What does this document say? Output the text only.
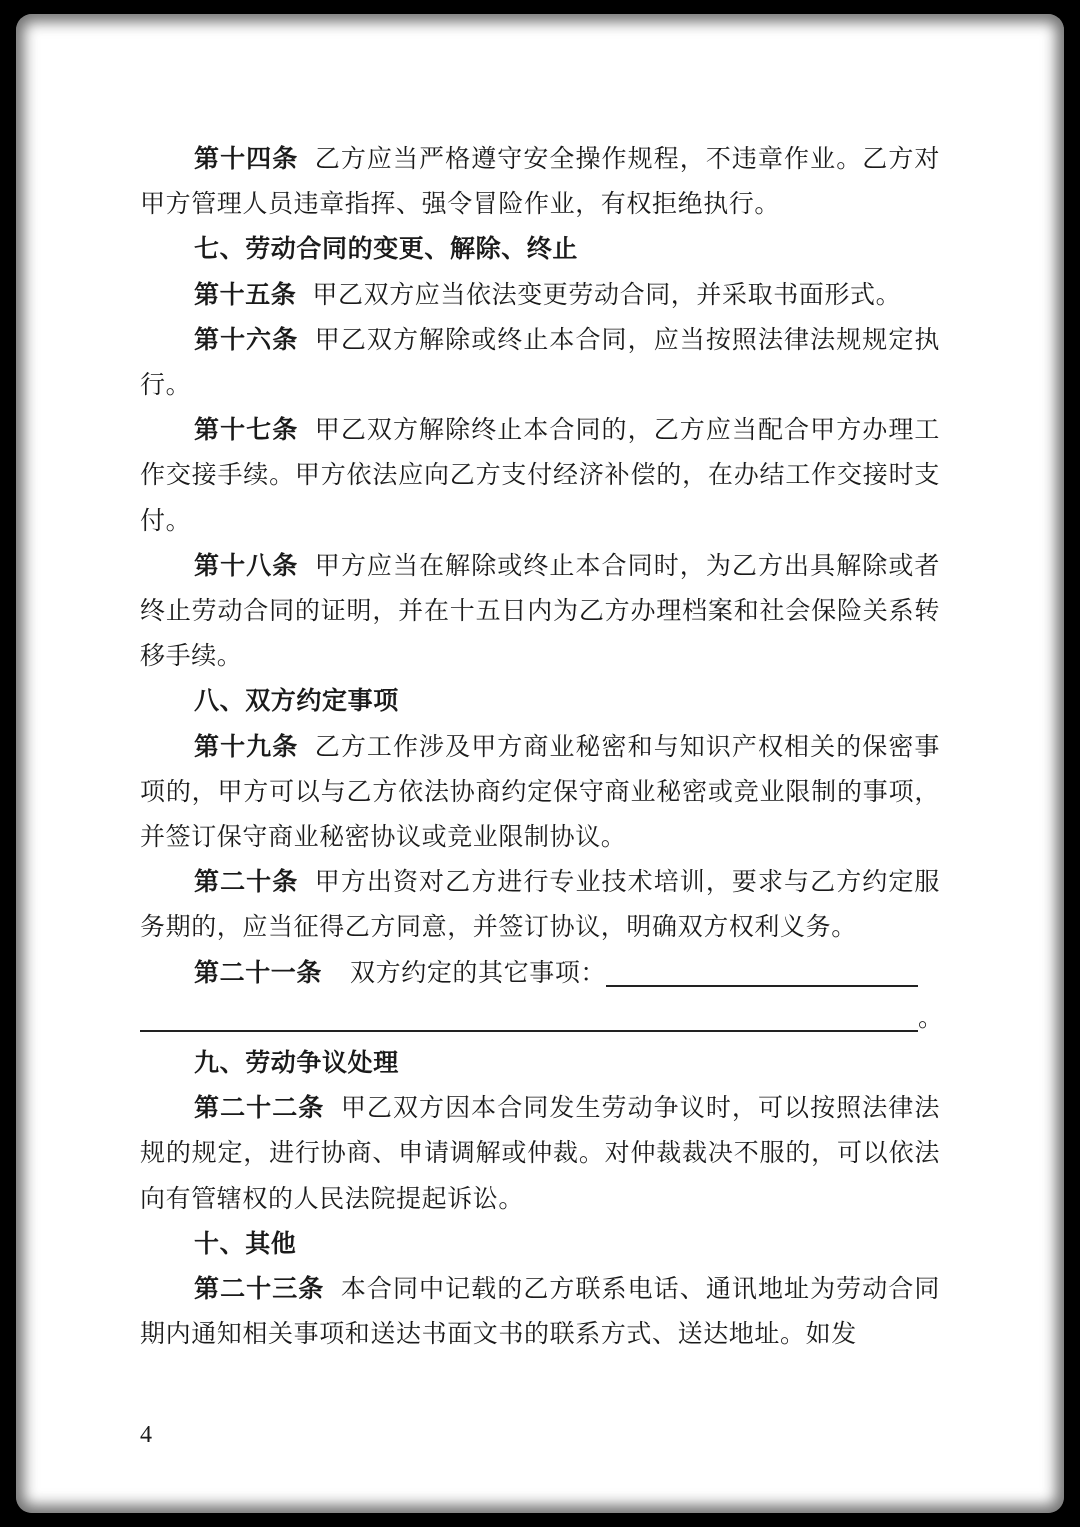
第十四条 乙方应当严格遵守安全操作规程，不违章作业。乙方对甲方管理人员违章指挥、强令冒险作业，有权拒绝执行。

七、劳动合同的变更、解除、终止

第十五条 甲乙双方应当依法变更劳动合同，并采取书面形式。

第十六条 甲乙双方解除或终止本合同，应当按照法律法规规定执行。

第十七条 甲乙双方解除终止本合同的，乙方应当配合甲方办理工作交接手续。甲方依法应向乙方支付经济补偿的，在办结工作交接时支付。

第十八条 甲方应当在解除或终止本合同时，为乙方出具解除或者终止劳动合同的证明，并在十五日内为乙方办理档案和社会保险关系转移手续。

八、双方约定事项

第十九条 乙方工作涉及甲方商业秘密和与知识产权相关的保密事项的，甲方可以与乙方依法协商约定保守商业秘密或竞业限制的事项，并签订保守商业秘密协议或竞业限制协议。

第二十条 甲方出资对乙方进行专业技术培训，要求与乙方约定服务期的，应当征得乙方同意，并签订协议，明确双方权利义务。

第二十一条 双方约定的其它事项：

。

九、劳动争议处理

第二十二条 甲乙双方因本合同发生劳动争议时，可以按照法律法规的规定，进行协商、申请调解或仲裁。对仲裁裁决不服的，可以依法向有管辖权的人民法院提起诉讼。

十、其他

第二十三条 本合同中记载的乙方联系电话、通讯地址为劳动合同期内通知相关事项和送达书面文书的联系方式、送达地址。如发

4
